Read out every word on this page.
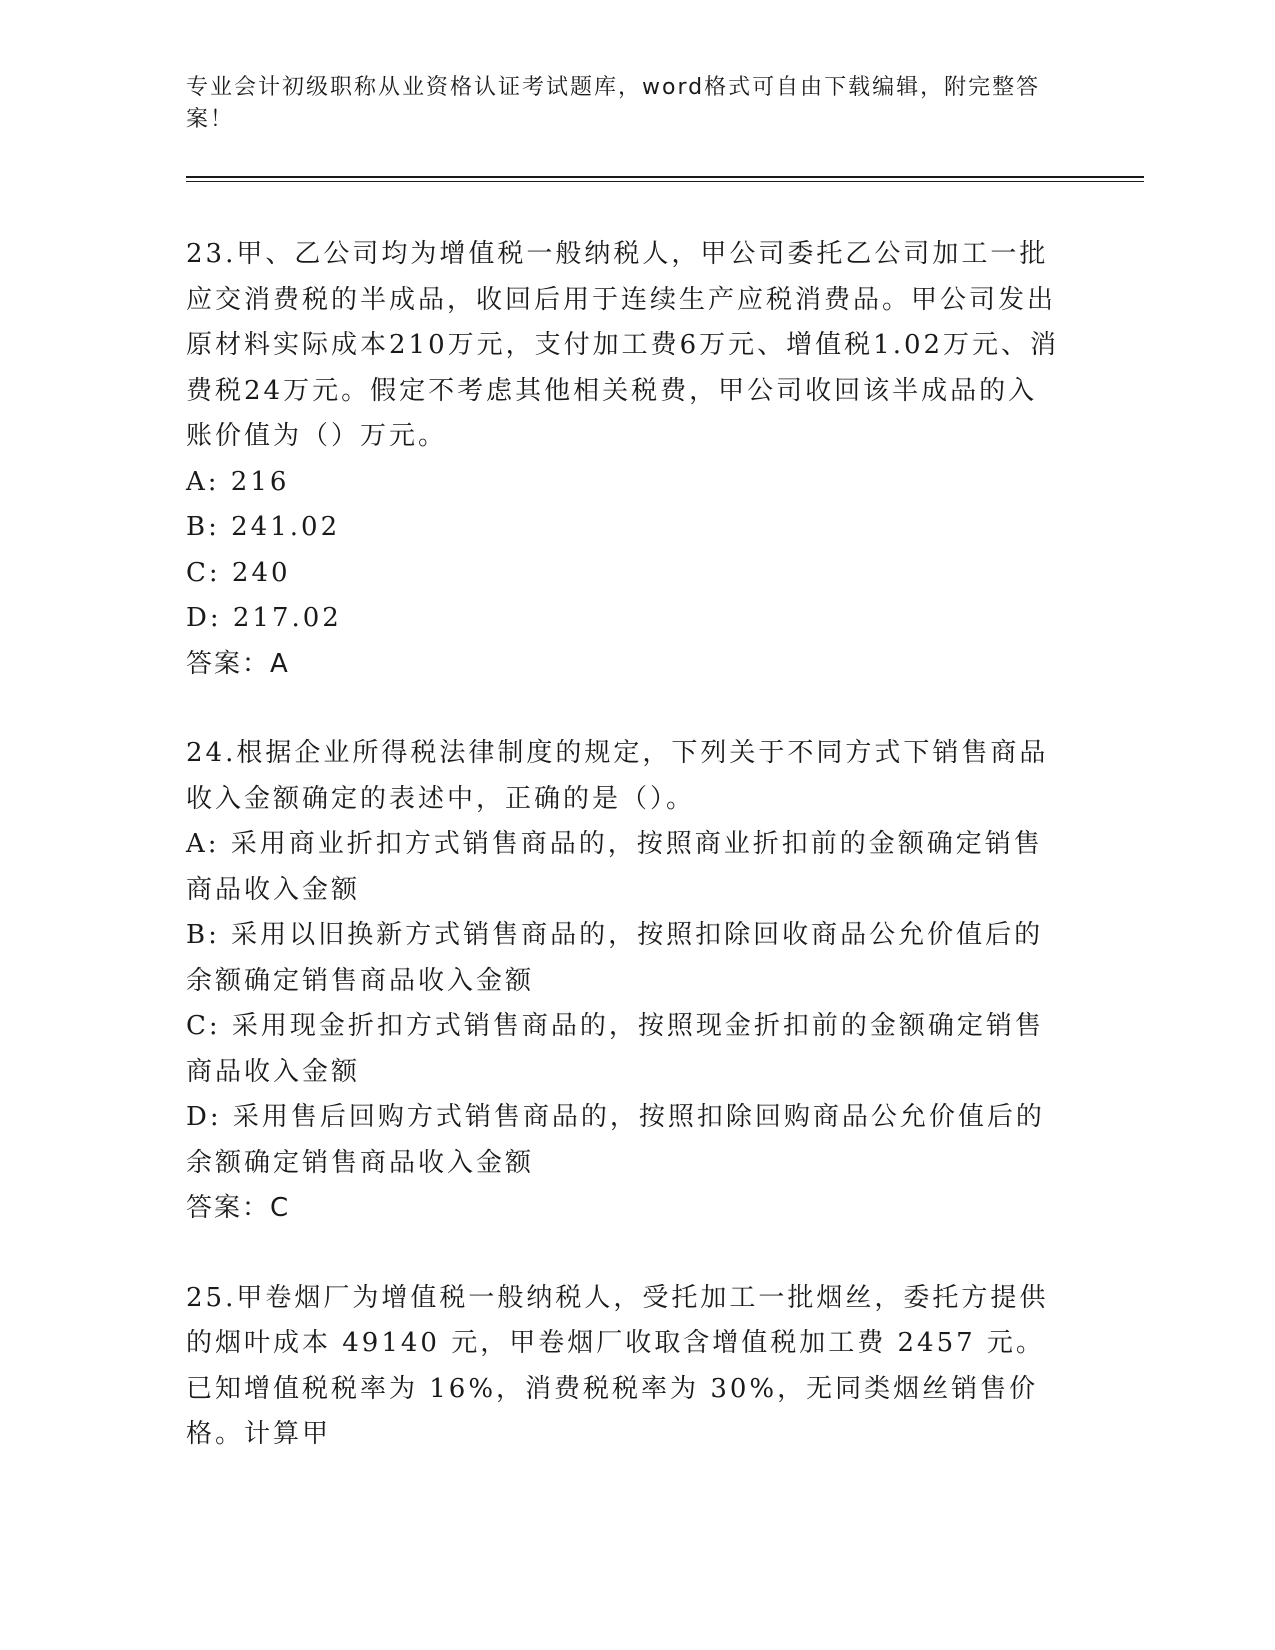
专业会计初级职称从业资格认证考试题库，word格式可自由下载编辑，附完整答案！

23.甲、乙公司均为增值税一般纳税人，甲公司委托乙公司加工一批应交消费税的半成品，收回后用于连续生产应税消费品。甲公司发出原材料实际成本210万元，支付加工费6万元、增值税1.02万元、消费税24万元。假定不考虑其他相关税费，甲公司收回该半成品的入账价值为（）万元。

A: 216

B: 241.02

C: 240

D: 217.02

答案：A

24.根据企业所得税法律制度的规定，下列关于不同方式下销售商品收入金额确定的表述中，正确的是（）。

A: 采用商业折扣方式销售商品的，按照商业折扣前的金额确定销售商品收入金额

B: 采用以旧换新方式销售商品的，按照扣除回收商品公允价值后的余额确定销售商品收入金额

C: 采用现金折扣方式销售商品的，按照现金折扣前的金额确定销售商品收入金额

D: 采用售后回购方式销售商品的，按照扣除回购商品公允价值后的余额确定销售商品收入金额

答案：C

25.甲卷烟厂为增值税一般纳税人，受托加工一批烟丝，委托方提供的烟叶成本 49140 元，甲卷烟厂收取含增值税加工费 2457 元。已知增值税税率为 16%，消费税税率为 30%，无同类烟丝销售价格。计算甲
